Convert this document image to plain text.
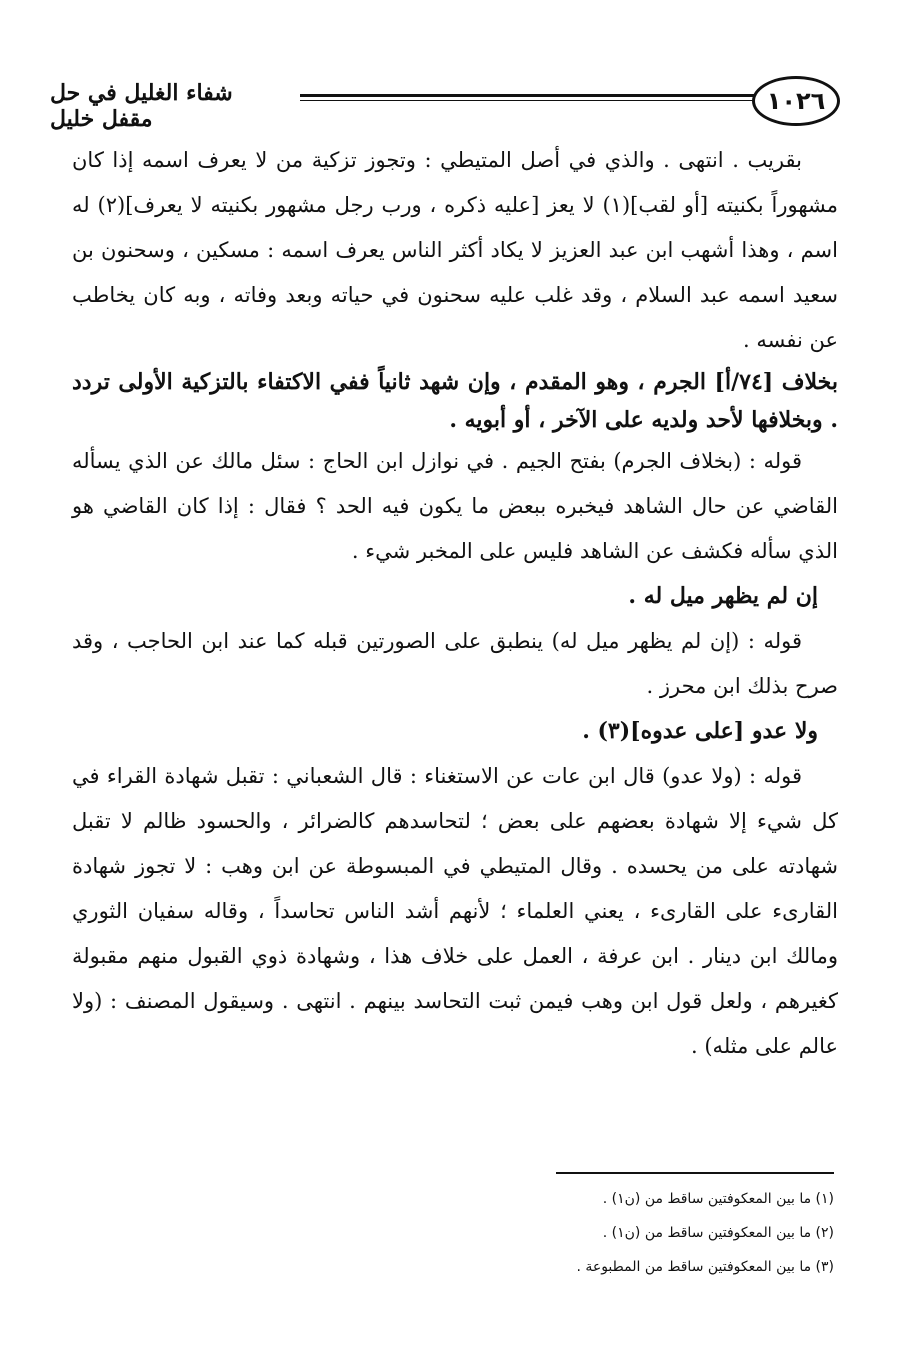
١٠٢٦
شفاء الغليل في حل مقفل خليل

بقريب . انتهى . والذي في أصل المتيطي : وتجوز تزكية من لا يعرف اسمه إذا كان مشهوراً بكنيته [أو لقب](١) لا يعز [عليه ذكره ، ورب رجل مشهور بكنيته لا يعرف](٢) له اسم ، وهذا أشهب ابن عبد العزيز لا يكاد أكثر الناس يعرف اسمه : مسكين ، وسحنون بن سعيد اسمه عبد السلام ، وقد غلب عليه سحنون في حياته وبعد وفاته ، وبه كان يخاطب عن نفسه .

بخلاف [٧٤/أ] الجرم ، وهو المقدم ، وإن شهد ثانياً ففي الاكتفاء بالتزكية الأولى تردد . وبخلافها لأحد ولديه على الآخر ، أو أبويه .

قوله : (بخلاف الجرم) بفتح الجيم . في نوازل ابن الحاج : سئل مالك عن الذي يسأله القاضي عن حال الشاهد فيخبره ببعض ما يكون فيه الحد ؟ فقال : إذا كان القاضي هو الذي سأله فكشف عن الشاهد فليس على المخبر شيء .

إن لم يظهر ميل له .

قوله : (إن لم يظهر ميل له) ينطبق على الصورتين قبله كما عند ابن الحاجب ، وقد صرح بذلك ابن محرز .

ولا عدو [على عدوه](٣) .

قوله : (ولا عدو) قال ابن عات عن الاستغناء : قال الشعباني : تقبل شهادة القراء في كل شيء إلا شهادة بعضهم على بعض ؛ لتحاسدهم كالضرائر ، والحسود ظالم لا تقبل شهادته على من يحسده . وقال المتيطي في المبسوطة عن ابن وهب : لا تجوز شهادة القارىء على القارىء ، يعني العلماء ؛ لأنهم أشد الناس تحاسداً ، وقاله سفيان الثوري ومالك ابن دينار . ابن عرفة ، العمل على خلاف هذا ، وشهادة ذوي القبول منهم مقبولة كغيرهم ، ولعل قول ابن وهب فيمن ثبت التحاسد بينهم . انتهى . وسيقول المصنف : (ولا عالم على مثله) .

(١) ما بين المعكوفتين ساقط من (ن١) .
(٢) ما بين المعكوفتين ساقط من (ن١) .
(٣) ما بين المعكوفتين ساقط من المطبوعة .
